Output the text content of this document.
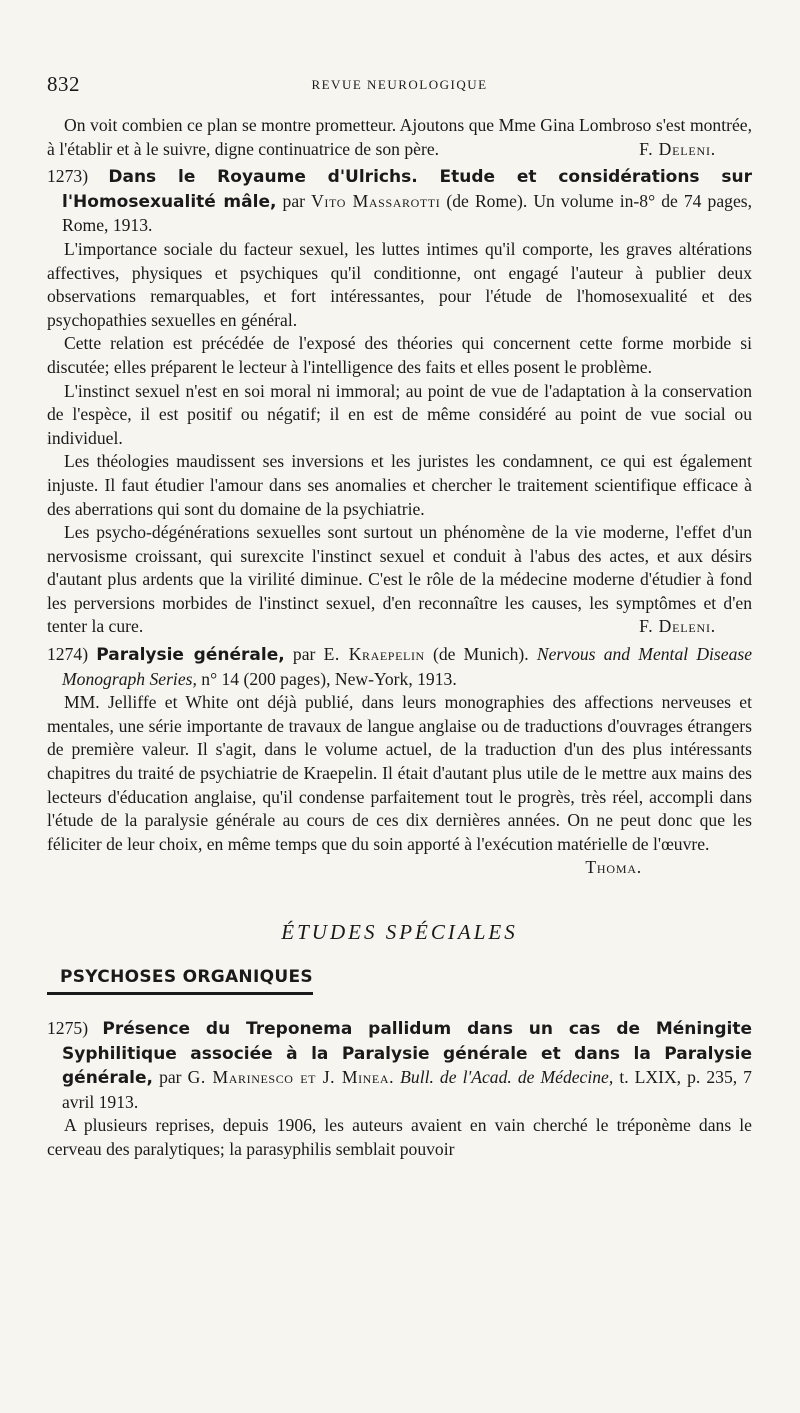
832	REVUE NEUROLOGIQUE

On voit combien ce plan se montre prometteur. Ajoutons que Mme Gina Lombroso s'est montrée, à l'établir et à le suivre, digne continuatrice de son père.	F. Deleni.

1273) Dans le Royaume d'Ulrichs. Etude et considérations sur l'Homosexualité mâle, par Vito Massarotti (de Rome). Un volume in-8° de 74 pages, Rome, 1913.

L'importance sociale du facteur sexuel, les luttes intimes qu'il comporte, les graves altérations affectives, physiques et psychiques qu'il conditionne, ont engagé l'auteur à publier deux observations remarquables, et fort intéressantes, pour l'étude de l'homosexualité et des psychopathies sexuelles en général.

Cette relation est précédée de l'exposé des théories qui concernent cette forme morbide si discutée; elles préparent le lecteur à l'intelligence des faits et elles posent le problème.

L'instinct sexuel n'est en soi moral ni immoral; au point de vue de l'adaptation à la conservation de l'espèce, il est positif ou négatif; il en est de même considéré au point de vue social ou individuel.

Les théologies maudissent ses inversions et les juristes les condamnent, ce qui est également injuste. Il faut étudier l'amour dans ses anomalies et chercher le traitement scientifique efficace à des aberrations qui sont du domaine de la psychiatrie.

Les psycho-dégénérations sexuelles sont surtout un phénomène de la vie moderne, l'effet d'un nervosisme croissant, qui surexcite l'instinct sexuel et conduit à l'abus des actes, et aux désirs d'autant plus ardents que la virilité diminue. C'est le rôle de la médecine moderne d'étudier à fond les perversions morbides de l'instinct sexuel, d'en reconnaître les causes, les symptômes et d'en tenter la cure.	F. Deleni.

1274) Paralysie générale, par E. Kraepelin (de Munich). Nervous and Mental Disease Monograph Series, n° 14 (200 pages), New-York, 1913.

MM. Jelliffe et White ont déjà publié, dans leurs monographies des affections nerveuses et mentales, une série importante de travaux de langue anglaise ou de traductions d'ouvrages étrangers de première valeur. Il s'agit, dans le volume actuel, de la traduction d'un des plus intéressants chapitres du traité de psychiatrie de Kraepelin. Il était d'autant plus utile de le mettre aux mains des lecteurs d'éducation anglaise, qu'il condense parfaitement tout le progrès, très réel, accompli dans l'étude de la paralysie générale au cours de ces dix dernières années. On ne peut donc que les féliciter de leur choix, en même temps que du soin apporté à l'exécution matérielle de l'œuvre.
Thoma.

ÉTUDES SPÉCIALES
PSYCHOSES ORGANIQUES

1275) Présence du Treponema pallidum dans un cas de Méningite Syphilitique associée à la Paralysie générale et dans la Paralysie générale, par G. Marinesco et J. Minea. Bull. de l'Acad. de Médecine, t. LXIX, p. 235, 7 avril 1913.

A plusieurs reprises, depuis 1906, les auteurs avaient en vain cherché le tréponème dans le cerveau des paralytiques; la parasyphilis semblait pouvoir
